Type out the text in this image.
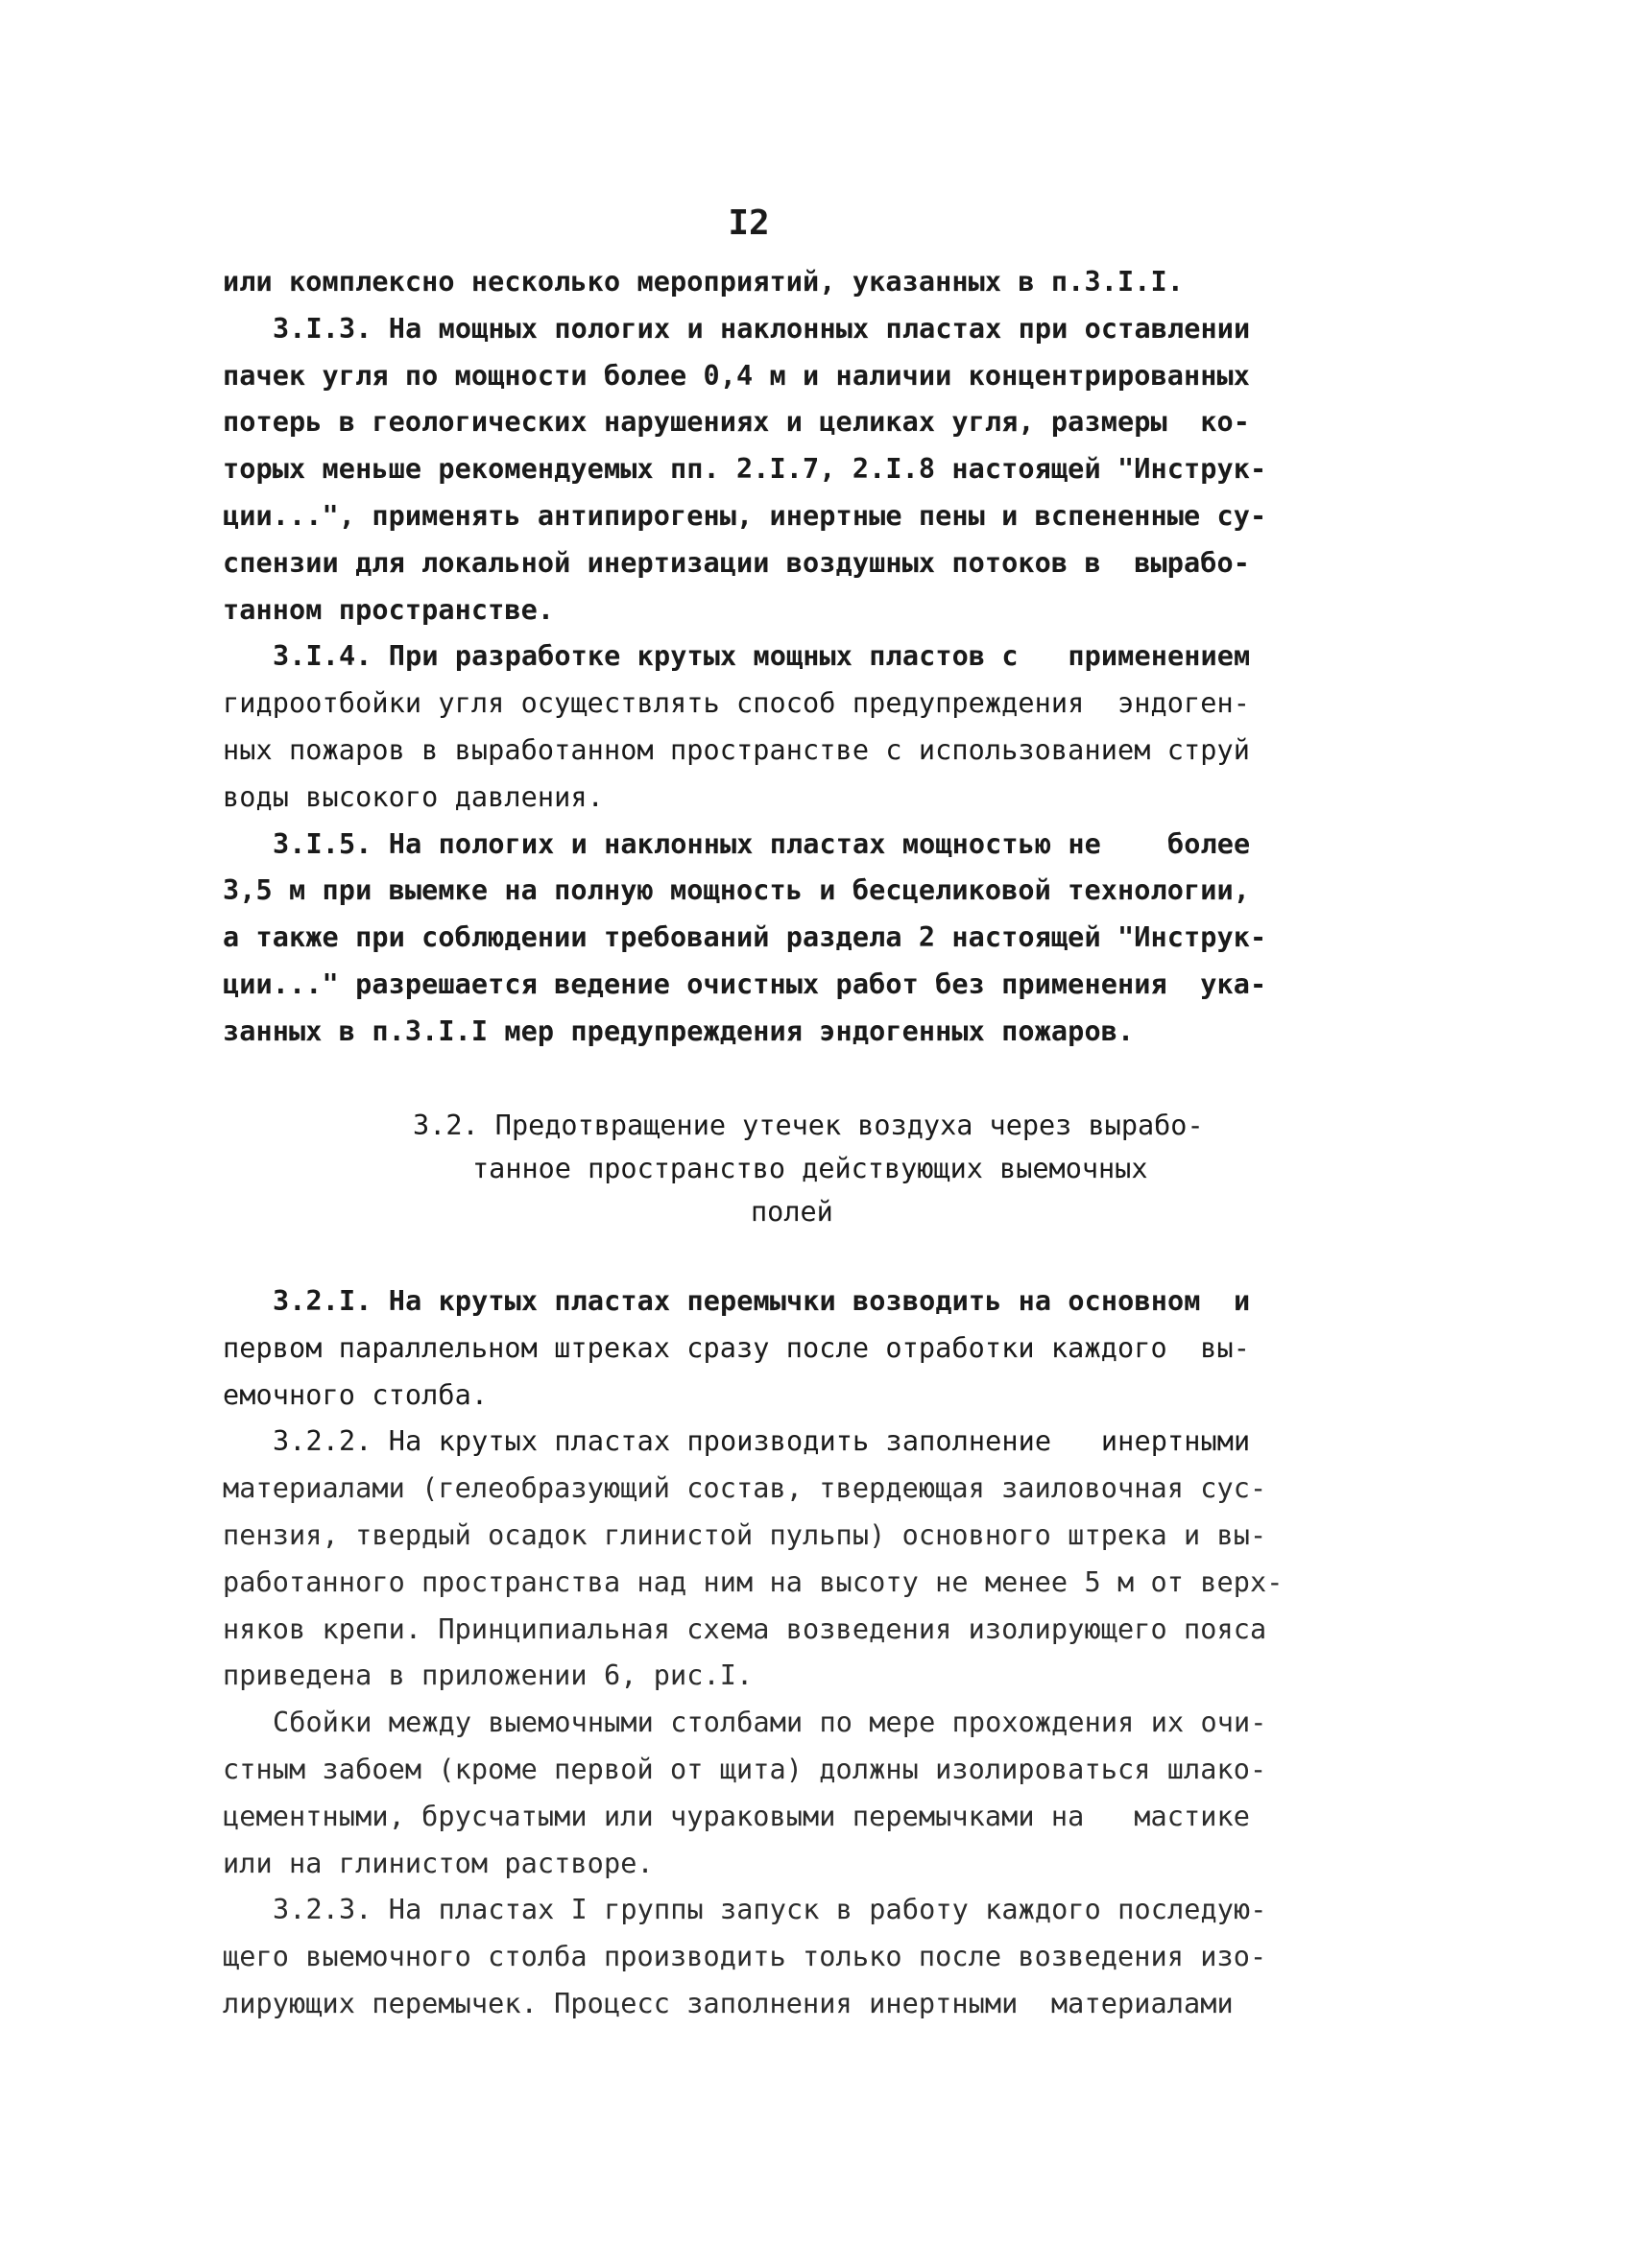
I2
или комплексно несколько мероприятий, указанных в п.3.I.I.
3.I.3. На мощных пологих и наклонных пластах при оставлении
пачек угля по мощности более 0,4 м и наличии концентрированных
потерь в геологических нарушениях и целиках угля, размеры  ко-
торых меньше рекомендуемых пп. 2.I.7, 2.I.8 настоящей "Инструк-
ции...", применять антипирогены, инертные пены и вспененные су-
спензии для локальной инертизации воздушных потоков в  вырабо-
танном пространстве.
3.I.4. При разработке крутых мощных пластов с   применением
гидроотбойки угля осуществлять способ предупреждения  эндоген-
ных пожаров в выработанном пространстве с использованием струй
воды высокого давления.
3.I.5. На пологих и наклонных пластах мощностью не    более
3,5 м при выемке на полную мощность и бесцеликовой технологии,
а также при соблюдении требований раздела 2 настоящей "Инструк-
ции..." разрешается ведение очистных работ без применения  ука-
занных в п.3.I.I мер предупреждения эндогенных пожаров.
3.2. Предотвращение утечек воздуха через вырабо-
танное пространство действующих выемочных
полей
3.2.I. На крутых пластах перемычки возводить на основном  и
первом параллельном штреках сразу после отработки каждого  вы-
емочного столба.
3.2.2. На крутых пластах производить заполнение   инертными
материалами (гелеобразующий состав, твердеющая заиловочная сус-
пензия, твердый осадок глинистой пульпы) основного штрека и вы-
работанного пространства над ним на высоту не менее 5 м от верх-
няков крепи. Принципиальная схема возведения изолирующего пояса
приведена в приложении 6, рис.I.
Сбойки между выемочными столбами по мере прохождения их очи-
стным забоем (кроме первой от щита) должны изолироваться шлако-
цементными, брусчатыми или чураковыми перемычками на   мастике
или на глинистом растворе.
3.2.3. На пластах I группы запуск в работу каждого последую-
щего выемочного столба производить только после возведения изо-
лирующих перемычек. Процесс заполнения инертными  материалами
